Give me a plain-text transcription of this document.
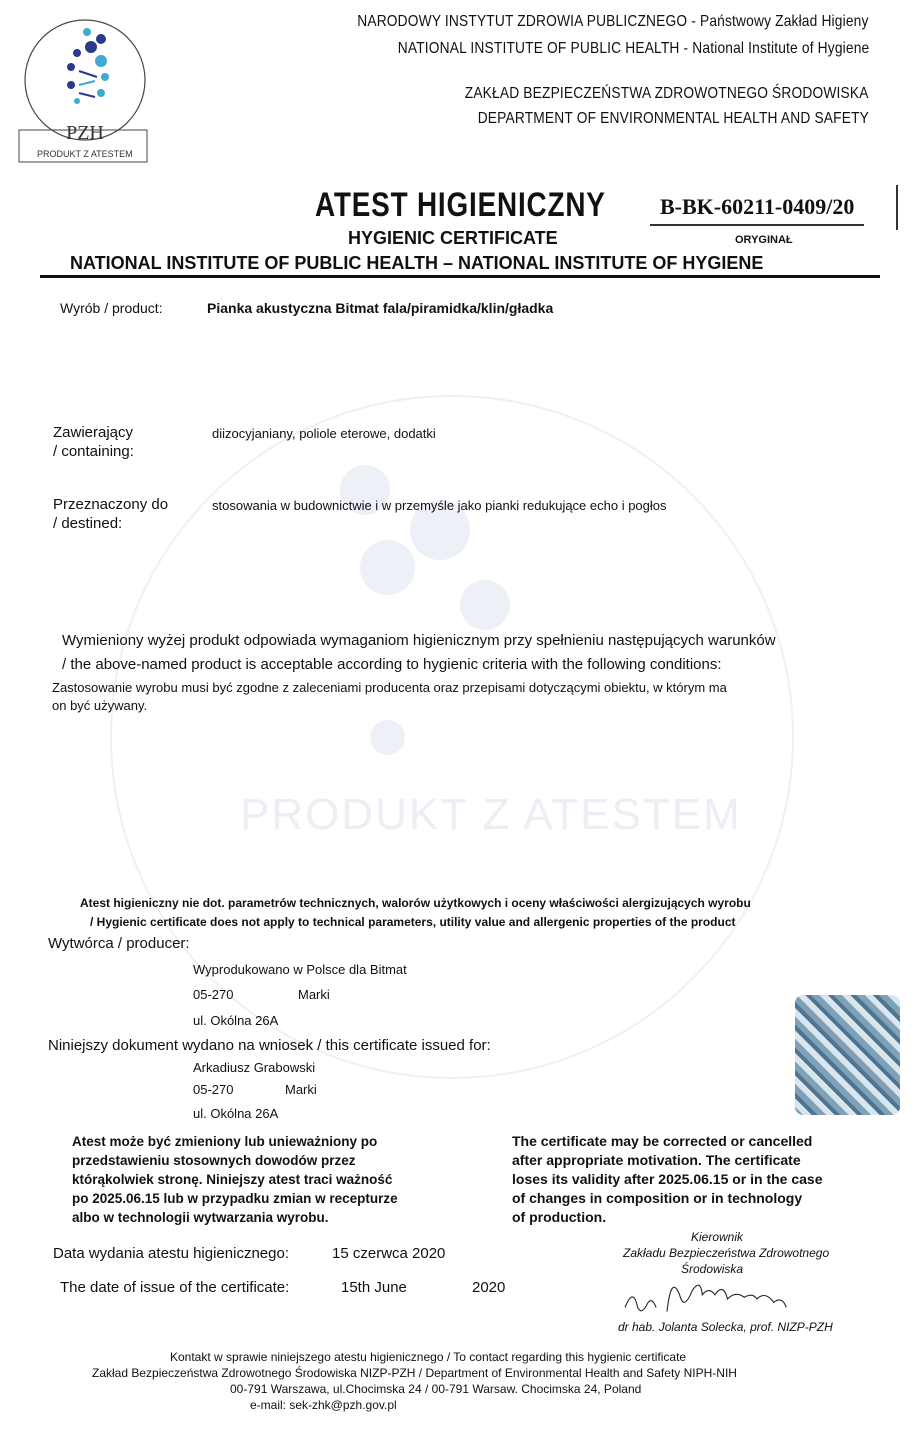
PRODUKT Z ATESTEM
PZH
PRODUKT Z ATESTEM
NARODOWY INSTYTUT ZDROWIA PUBLICZNEGO - Państwowy Zakład Higieny
NATIONAL INSTITUTE OF PUBLIC HEALTH - National Institute of Hygiene
ZAKŁAD BEZPIECZEŃSTWA ZDROWOTNEGO ŚRODOWISKA
DEPARTMENT OF ENVIRONMENTAL HEALTH AND SAFETY
ATEST HIGIENICZNY	B-BK-60211-0409/20
HYGIENIC CERTIFICATE	ORYGINAŁ
NATIONAL INSTITUTE OF PUBLIC HEALTH – NATIONAL INSTITUTE OF HYGIENE
Wyrób / product:	Pianka akustyczna Bitmat fala/piramidka/klin/gładka
Zawierający
/ containing:
diizocyjaniany, poliole eterowe, dodatki
Przeznaczony do
/ destined:
stosowania w budownictwie i w przemyśle jako pianki redukujące echo i pogłos
Wymieniony wyżej produkt odpowiada wymaganiom higienicznym przy spełnieniu następujących warunków
/ the above-named product is acceptable according to hygienic criteria with the following conditions:
Zastosowanie wyrobu musi być zgodne z zaleceniami producenta oraz przepisami dotyczącymi obiektu, w którym ma
on być używany.
Atest higieniczny nie dot. parametrów technicznych, walorów użytkowych i oceny właściwości alergizujących wyrobu
/ Hygienic certificate does not apply to technical parameters, utility value and allergenic properties of the product
Wytwórca / producer:
Wyprodukowano w Polsce dla Bitmat
05-270	Marki
ul. Okólna 26A
Niniejszy dokument wydano na wniosek / this certificate issued for:
Arkadiusz Grabowski
05-270	Marki
ul. Okólna 26A
Atest może być zmieniony lub unieważniony po
przedstawieniu stosownych dowodów przez
którąkolwiek stronę. Niniejszy atest traci ważność
po 2025.06.15 lub w przypadku zmian w recepturze
albo w technologii wytwarzania wyrobu.
The certificate may be corrected or cancelled
after appropriate motivation. The certificate
loses its validity after 2025.06.15 or in the case
of changes in composition or in technology
of production.
Data wydania atestu higienicznego:	15 czerwca 2020
The date of issue of the certificate:	15th June	2020
Kierownik
Zakładu Bezpieczeństwa Zdrowotnego
Środowiska
dr hab. Jolanta Solecka, prof. NIZP-PZH
Kontakt w sprawie niniejszego atestu higienicznego / To contact regarding this hygienic certificate
Zakład Bezpieczeństwa Zdrowotnego Środowiska NIZP-PZH / Department of Environmental Health and Safety NIPH-NIH
00-791 Warszawa, ul.Chocimska 24 / 00-791 Warsaw. Chocimska 24, Poland
e-mail: sek-zhk@pzh.gov.pl
